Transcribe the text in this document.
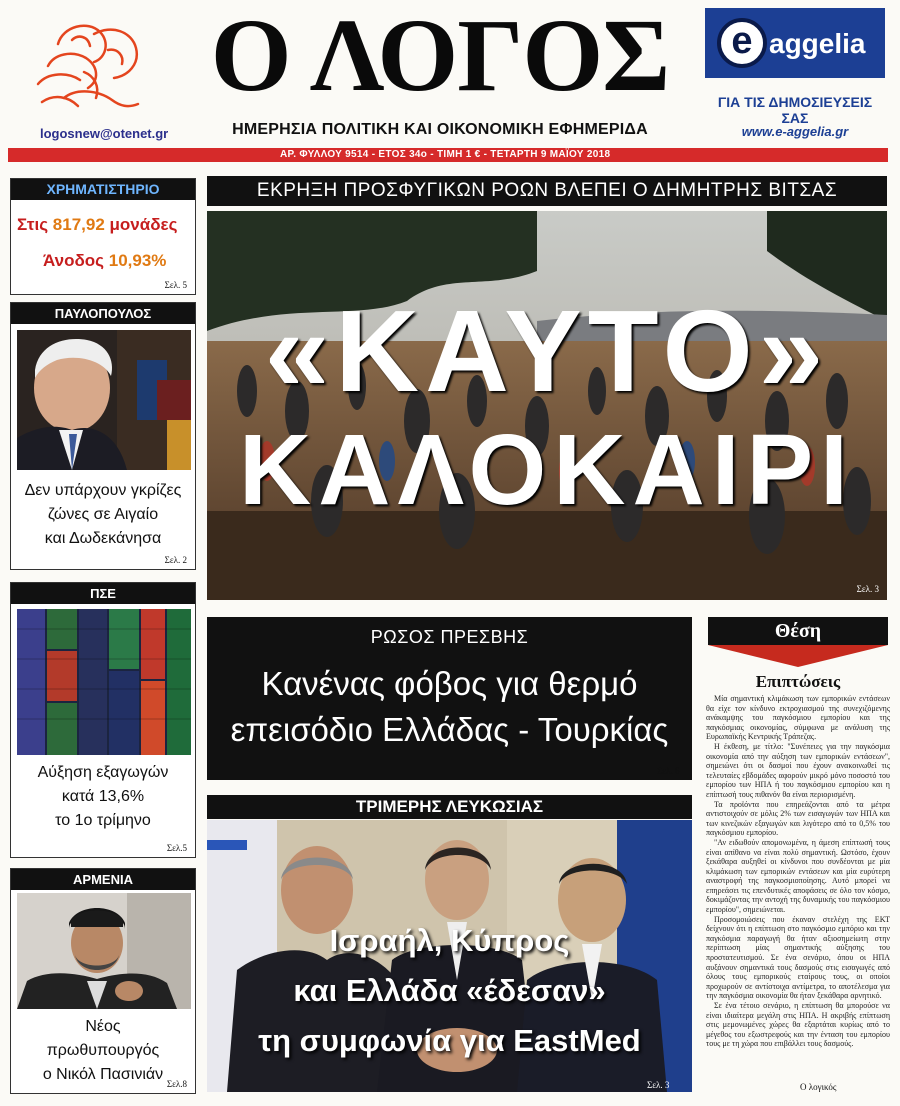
logosnew@otenet.gr
Ο ΛΟΓΟΣ
ΗΜΕΡΗΣΙΑ ΠΟΛΙΤΙΚΗ ΚΑΙ ΟΙΚΟΝΟΜΙΚΗ ΕΦΗΜΕΡΙΔΑ
e aggelia
ΓΙΑ ΤΙΣ ΔΗΜΟΣΙΕΥΣΕΙΣ ΣΑΣ
www.e-aggelia.gr
ΑΡ. ΦΥΛΛΟΥ 9514 - ΕΤΟΣ 34ο - ΤΙΜΗ 1 € - ΤΕΤΑΡΤΗ 9 ΜΑΪΟΥ 2018
ΧΡΗΜΑΤΙΣΤΗΡΙΟ
Στις 817,92 μονάδες
Άνοδος 10,93%
Σελ. 5
ΠΑΥΛΟΠΟΥΛΟΣ
Δεν υπάρχουν γκρίζες
ζώνες σε Αιγαίο
και Δωδεκάνησα
Σελ. 2
ΠΣΕ
Αύξηση εξαγωγών
κατά 13,6%
το 1ο τρίμηνο
Σελ.5
ΑΡΜΕΝΙΑ
Νέος
πρωθυπουργός
ο Νικόλ Πασινιάν
Σελ.8
ΕΚΡΗΞΗ ΠΡΟΣΦΥΓΙΚΩΝ ΡΟΩΝ ΒΛΕΠΕΙ Ο ΔΗΜΗΤΡΗΣ ΒΙΤΣΑΣ
«ΚΑΥΤΟ»
ΚΑΛΟΚΑΙΡΙ
Σελ. 3
ΡΩΣΟΣ ΠΡΕΣΒΗΣ
Κανένας φόβος για θερμό
επεισόδιο Ελλάδας - Τουρκίας
Σελ. 6
ΤΡΙΜΕΡΗΣ ΛΕΥΚΩΣΙΑΣ
Ισραήλ, Κύπρος
και Ελλάδα «έδεσαν»
τη συμφωνία για EastMed
Σελ. 3
Θέση
Επιπτώσεις

Μία σημαντική κλιμάκωση των εμπορικών εντάσεων θα είχε τον κίνδυνο εκτροχιασμού της συνεχιζόμενης ανάκαμψης του παγκόσμιου εμπορίου και της παγκόσμιας οικονομίας, σύμφωνα με ανάλυση της Ευρωπαϊκής Κεντρικής Τράπεζας.

Η έκθεση, με τίτλο: "Συνέπειες για την παγκόσμια οικονομία από την αύξηση των εμπορικών εντάσεων", σημειώνει ότι οι δασμοί που έχουν ανακοινωθεί τις τελευταίες εβδομάδες αφορούν μικρό μόνο ποσοστό του εμπορίου των ΗΠΑ ή του παγκόσμιου εμπορίου και η επίπτωσή τους πιθανόν θα είναι περιορισμένη.

Τα προϊόντα που επηρεάζονται από τα μέτρα αντιστοιχούν σε μόλις 2% των εισαγωγών των ΗΠΑ και των κινεζικών εξαγωγών και λιγότερο από το 0,5% του παγκόσμιου εμπορίου.

"Αν ειδωθούν απομονωμένα, η άμεση επίπτωσή τους είναι απίθανο να είναι πολύ σημαντική. Ωστόσο, έχουν ξεκάθαρα αυξηθεί οι κίνδυνοι που συνδέονται με μία κλιμάκωση των εμπορικών εντάσεων και μία ευρύτερη αναστροφή της παγκοσμιοποίησης. Αυτό μπορεί να επηρεάσει τις επενδυτικές αποφάσεις σε όλο τον κόσμο, δοκιμάζοντας την αντοχή της δυναμικής του παγκόσμιου εμπορίου", σημειώνεται.

Προσομοιώσεις που έκαναν στελέχη της ΕΚΤ δείχνουν ότι η επίπτωση στο παγκόσμιο εμπόριο και την παγκόσμια παραγωγή θα ήταν αξιοσημείωτη στην περίπτωση μίας σημαντικής αύξησης του προστατευτισμού. Σε ένα σενάριο, όπου οι ΗΠΑ αυξάνουν σημαντικά τους δασμούς στις εισαγωγές από όλους τους εμπορικούς εταίρους τους, οι οποίοι προχωρούν σε αντίστοιχα αντίμετρα, το αποτέλεσμα για την παγκόσμια οικονομία θα ήταν ξεκάθαρα αρνητικό.

Σε ένα τέτοιο σενάριο, η επίπτωση θα μπορούσε να είναι ιδιαίτερα μεγάλη στις ΗΠΑ. Η ακριβής επίπτωση στις μεμονωμένες χώρες θα εξαρτάται κυρίως από το μέγεθος του εξωστρεφούς και την ένταση του εμπορίου τους με τη χώρα που επιβάλλει τους δασμούς.

Ο λογικός
